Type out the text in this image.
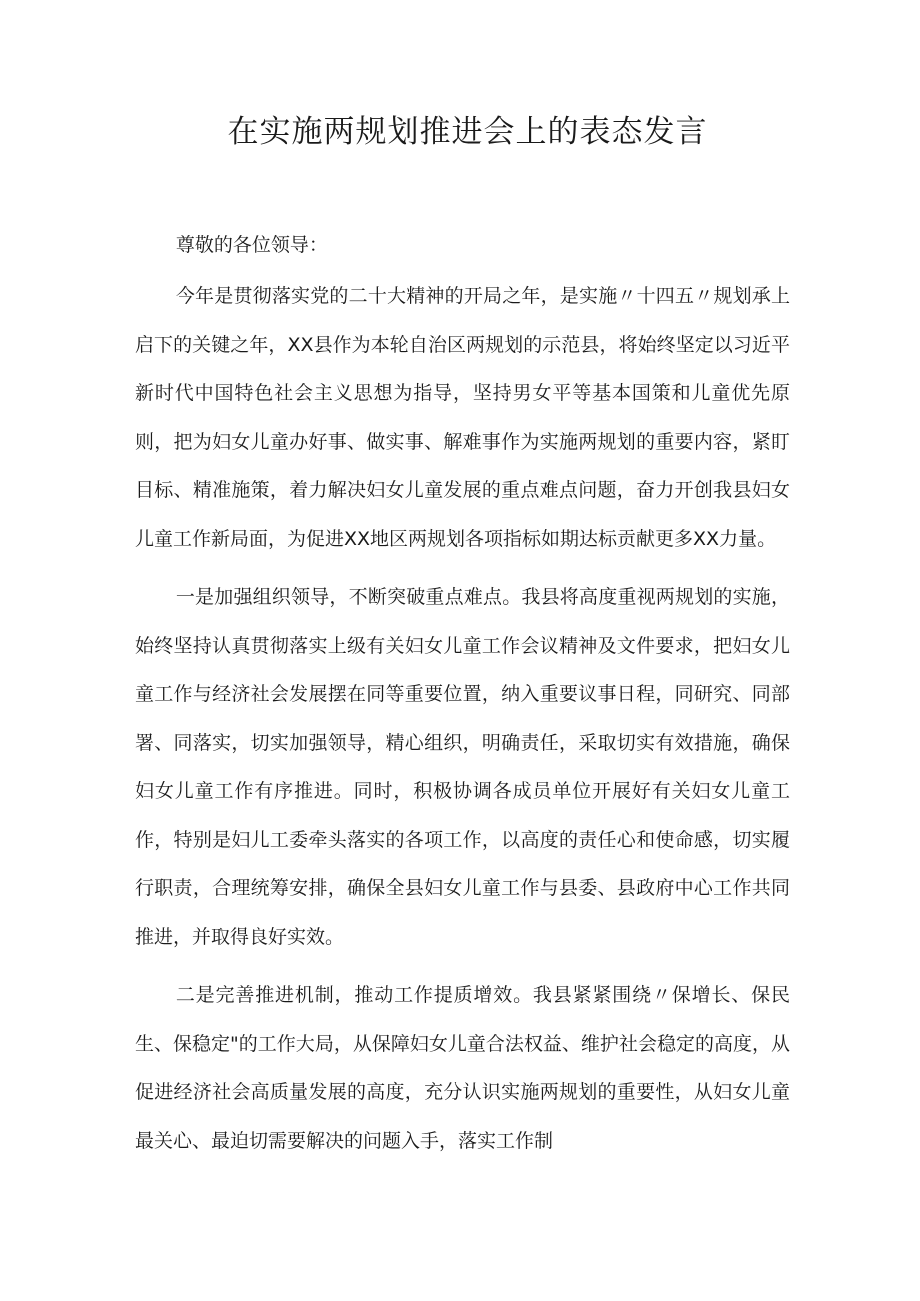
在实施两规划推进会上的表态发言

尊敬的各位领导：

今年是贯彻落实党的二十大精神的开局之年，是实施〃十四五〃规划承上启下的关键之年，XX县作为本轮自治区两规划的示范县，将始终坚定以习近平新时代中国特色社会主义思想为指导，坚持男女平等基本国策和儿童优先原则，把为妇女儿童办好事、做实事、解难事作为实施两规划的重要内容，紧盯目标、精准施策，着力解决妇女儿童发展的重点难点问题，奋力开创我县妇女儿童工作新局面，为促进XX地区两规划各项指标如期达标贡献更多XX力量。

一是加强组织领导，不断突破重点难点。我县将高度重视两规划的实施，始终坚持认真贯彻落实上级有关妇女儿童工作会议精神及文件要求，把妇女儿童工作与经济社会发展摆在同等重要位置，纳入重要议事日程，同研究、同部署、同落实，切实加强领导，精心组织，明确责任，采取切实有效措施，确保妇女儿童工作有序推进。同时，积极协调各成员单位开展好有关妇女儿童工作，特别是妇儿工委牵头落实的各项工作，以高度的责任心和使命感，切实履行职责，合理统筹安排，确保全县妇女儿童工作与县委、县政府中心工作共同推进，并取得良好实效。

二是完善推进机制，推动工作提质增效。我县紧紧围绕〃保增长、保民生、保稳定"的工作大局，从保障妇女儿童合法权益、维护社会稳定的高度，从促进经济社会高质量发展的高度，充分认识实施两规划的重要性，从妇女儿童最关心、最迫切需要解决的问题入手，落实工作制
